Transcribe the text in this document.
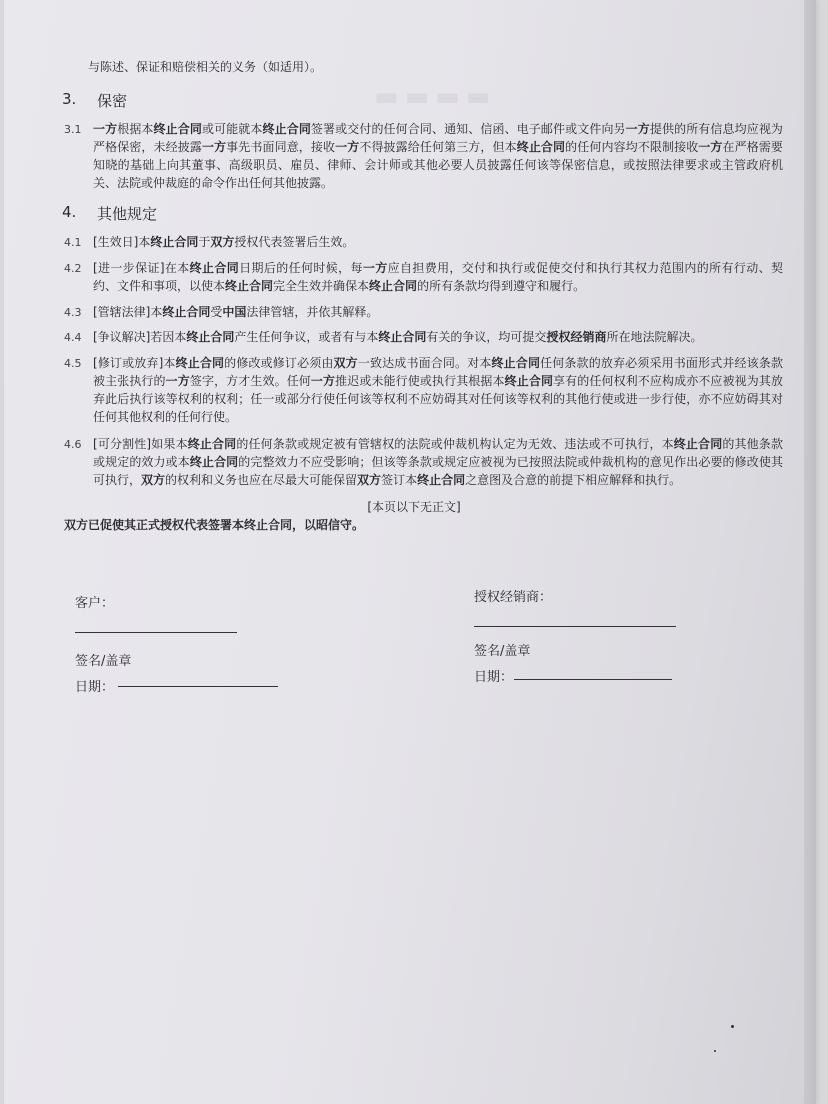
▬▬▬▬
与陈述、保证和赔偿相关的义务（如适用）。
3. 保密
3.1 一方根据本终止合同或可能就本终止合同签署或交付的任何合同、通知、信函、电子邮件或文件向另一方提供的所有信息均应视为严格保密，未经披露一方事先书面同意，接收一方不得披露给任何第三方，但本终止合同的任何内容均不限制接收一方在严格需要知晓的基础上向其董事、高级职员、雇员、律师、会计师或其他必要人员披露任何该等保密信息，或按照法律要求或主管政府机关、法院或仲裁庭的命令作出任何其他披露。
4. 其他规定
4.1 [生效日]本终止合同于双方授权代表签署后生效。
4.2 [进一步保证]在本终止合同日期后的任何时候，每一方应自担费用，交付和执行或促使交付和执行其权力范围内的所有行动、契约、文件和事项，以使本终止合同完全生效并确保本终止合同的所有条款均得到遵守和履行。
4.3 [管辖法律]本终止合同受中国法律管辖，并依其解释。
4.4 [争议解决]若因本终止合同产生任何争议，或者有与本终止合同有关的争议，均可提交授权经销商所在地法院解决。
4.5 [修订或放弃]本终止合同的修改或修订必须由双方一致达成书面合同。对本终止合同任何条款的放弃必须采用书面形式并经该条款被主张执行的一方签字，方才生效。任何一方推迟或未能行使或执行其根据本终止合同享有的任何权利不应构成亦不应被视为其放弃此后执行该等权利的权利；任一或部分行使任何该等权利不应妨碍其对任何该等权利的其他行使或进一步行使，亦不应妨碍其对任何其他权利的任何行使。
4.6 [可分割性]如果本终止合同的任何条款或规定被有管辖权的法院或仲裁机构认定为无效、违法或不可执行，本终止合同的其他条款或规定的效力或本终止合同的完整效力不应受影响；但该等条款或规定应被视为已按照法院或仲裁机构的意见作出必要的修改使其可执行，双方的权利和义务也应在尽最大可能保留双方签订本终止合同之意图及合意的前提下相应解释和执行。
[本页以下无正文]
双方已促使其正式授权代表签署本终止合同，以昭信守。
客户：
签名/盖章
日期：
授权经销商：
签名/盖章
日期：
